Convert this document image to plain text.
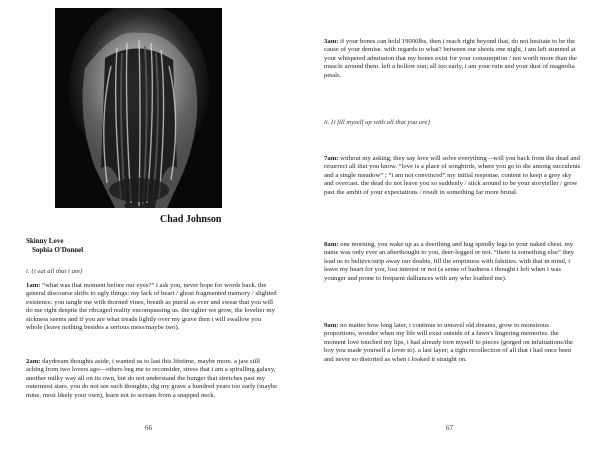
Chad Johnson
Skinny Love
Sophia O'Donnel
i. {i eat all that i am}
1am: “what was that moment before our eyes?” i ask you, never hope for words back. the general discourse shifts to ugly things: my lack of heart / ghost fragmented memory / slighted existence. you tangle me with thorned vines, breath as putrid as ever and swear that you will do me right despite the ribcaged reality encompassing us. the uglier we grow, the lovelier my sickness seems and if you are what treads lightly over my grave then i will swallow you whole (leave nothing besides a serious mess/maybe two).
2am: daydream thoughts aside, i wanted us to last this lifetime, maybe more. a jaw still aching from two lovers ago—others beg me to reconsider, stress that i am a spiralling galaxy, another milky way all on its own, but do not understand the hunger that stretches past my outermost stars. you do not see such thoughts, dig my grave a hundred years too early (maybe mine, most likely your own), learn not to scream from a snapped neck.
66
3am: if your bones can hold 19000lbs, then i reach right beyond that, do not hesitate to be the cause of your demise. with regards to what? between our sheets one night, i am left stunned at your whispered admission that my bones exist for your consumption / not worth more than the muscle around them. left a hollow sun; all too early, i am your ruin and your dust of magnolia petals.
ii. {i fill myself up with all that you are}
7am: without my asking, they say love will solve everything—will you back from the dead and resurrect all that you know. “love is a place of songbirds, where you go to die among succulents and a single meadow” ; “i am not convinced” my initial response, content to keep a grey sky and overcast. the dead do not leave you so suddenly / stick around to be your storyteller / grow past the ambit of your expectations / result in something far more brutal.
8am: one morning, you wake up as a deerthing and hug spindly legs to your naked chest. my name was only ever an afterthought to you, deer-legged or not. “there is something else” they lead us to believe/strip away our doubts, fill the emptiness with falsities. with that in mind, i leave my heart for you, lost interest or not (a sense of badness i thought i left when i was younger and prone to frequent dalliances with any who loathed me).
9am: no matter how long later, i continue to unravel old dreams, grow to monstrous proportions, wonder when my life will exist outside of a fawn's lingering memories. the moment love touched my lips, i had already torn myself to pieces (gorged on infatuations/the boy you made yourself a lover to). a last layer; a tight recollection of all that i had once been and never so distorted as when i looked it straight on.
67
